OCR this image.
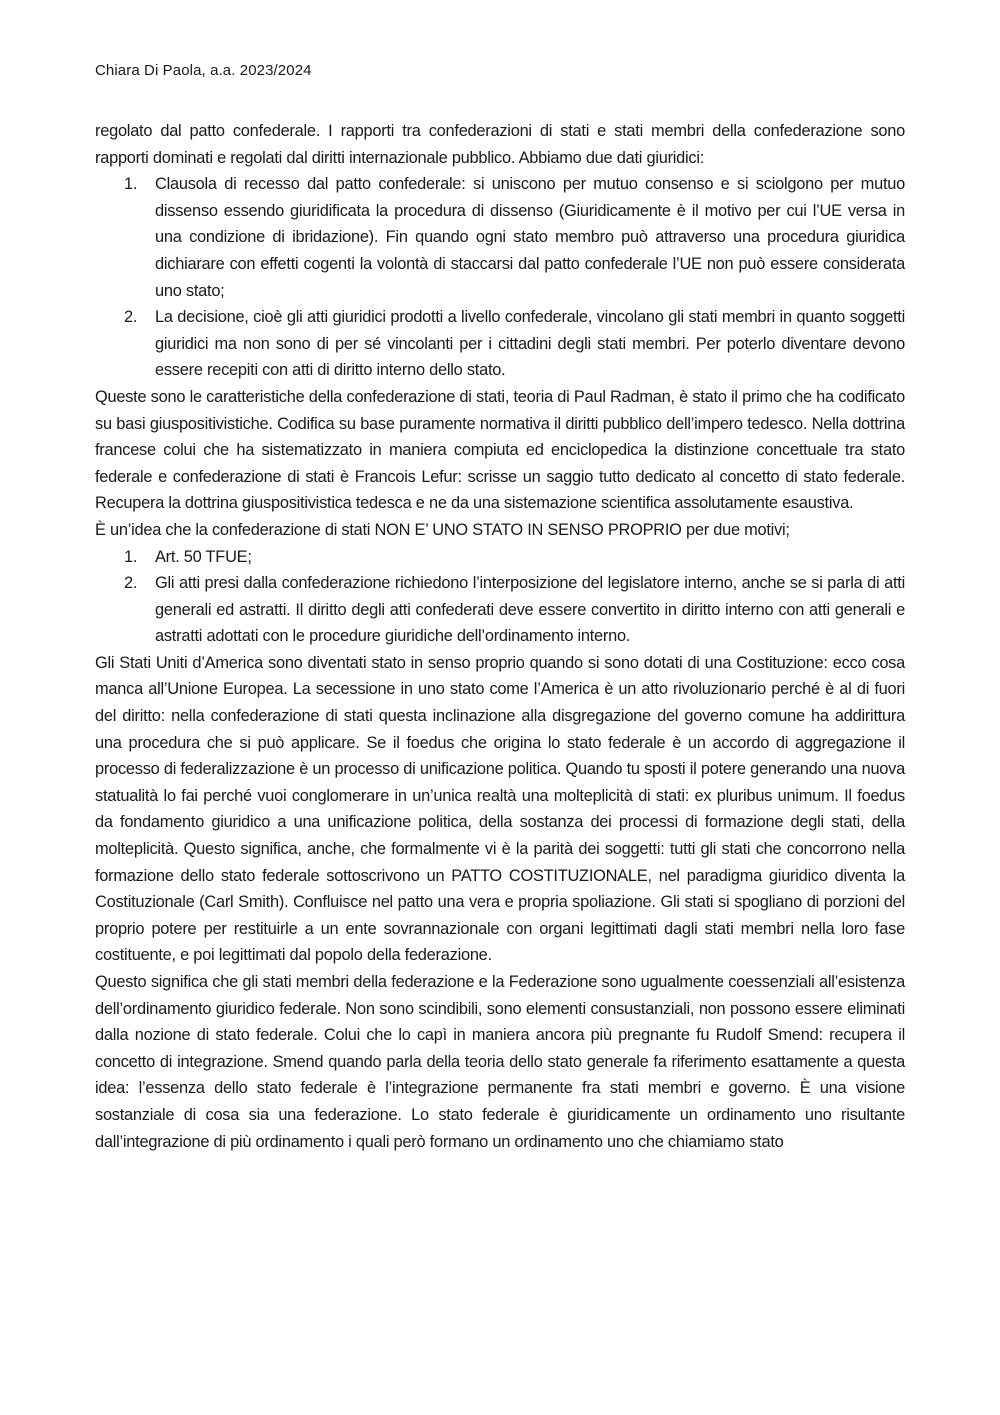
Chiara Di Paola, a.a. 2023/2024

regolato dal patto confederale. I rapporti tra confederazioni di stati e stati membri della confederazione sono rapporti dominati e regolati dal diritti internazionale pubblico. Abbiamo due dati giuridici:

1. Clausola di recesso dal patto confederale: si uniscono per mutuo consenso e si sciolgono per mutuo dissenso essendo giuridificata la procedura di dissenso (Giuridicamente è il motivo per cui l’UE versa in una condizione di ibridazione). Fin quando ogni stato membro può attraverso una procedura giuridica dichiarare con effetti cogenti la volontà di staccarsi dal patto confederale l’UE non può essere considerata uno stato;
2. La decisione, cioè gli atti giuridici prodotti a livello confederale, vincolano gli stati membri in quanto soggetti giuridici ma non sono di per sé vincolanti per i cittadini degli stati membri. Per poterlo diventare devono essere recepiti con atti di diritto interno dello stato.

Queste sono le caratteristiche della confederazione di stati, teoria di Paul Radman, è stato il primo che ha codificato su basi giuspositivistiche. Codifica su base puramente normativa il diritti pubblico dell’impero tedesco. Nella dottrina francese colui che ha sistematizzato in maniera compiuta ed enciclopedica la distinzione concettuale tra stato federale e confederazione di stati è Francois Lefur: scrisse un saggio tutto dedicato al concetto di stato federale. Recupera la dottrina giuspositivistica tedesca e ne da una sistemazione scientifica assolutamente esaustiva.

È un’idea che la confederazione di stati NON E’ UNO STATO IN SENSO PROPRIO per due motivi;

1. Art. 50 TFUE;
2. Gli atti presi dalla confederazione richiedono l’interposizione del legislatore interno, anche se si parla di atti generali ed astratti. Il diritto degli atti confederati deve essere convertito in diritto interno con atti generali e astratti adottati con le procedure giuridiche dell’ordinamento interno.

Gli Stati Uniti d’America sono diventati stato in senso proprio quando si sono dotati di una Costituzione: ecco cosa manca all’Unione Europea. La secessione in uno stato come l’America è un atto rivoluzionario perché è al di fuori del diritto: nella confederazione di stati questa inclinazione alla disgregazione del governo comune ha addirittura una procedura che si può applicare. Se il foedus che origina lo stato federale è un accordo di aggregazione il processo di federalizzazione è un processo di unificazione politica. Quando tu sposti il potere generando una nuova statualità lo fai perché vuoi conglomerare in un’unica realtà una molteplicità di stati: ex pluribus unimum. Il foedus da fondamento giuridico a una unificazione politica, della sostanza dei processi di formazione degli stati, della molteplicità. Questo significa, anche, che formalmente vi è la parità dei soggetti: tutti gli stati che concorrono nella formazione dello stato federale sottoscrivono un PATTO COSTITUZIONALE, nel paradigma giuridico diventa la Costituzionale (Carl Smith). Confluisce nel patto una vera e propria spoliazione. Gli stati si spogliano di porzioni del proprio potere per restituirle a un ente sovrannazionale con organi legittimati dagli stati membri nella loro fase costituente, e poi legittimati dal popolo della federazione.

Questo significa che gli stati membri della federazione e la Federazione sono ugualmente coessenziali all’esistenza dell’ordinamento giuridico federale. Non sono scindibili, sono elementi consustanziali, non possono essere eliminati dalla nozione di stato federale. Colui che lo capì in maniera ancora più pregnante fu Rudolf Smend: recupera il concetto di integrazione. Smend quando parla della teoria dello stato generale fa riferimento esattamente a questa idea: l’essenza dello stato federale è l’integrazione permanente fra stati membri e governo. È una visione sostanziale di cosa sia una federazione. Lo stato federale è giuridicamente un ordinamento uno risultante dall’integrazione di più ordinamento i quali però formano un ordinamento uno che chiamiamo stato
